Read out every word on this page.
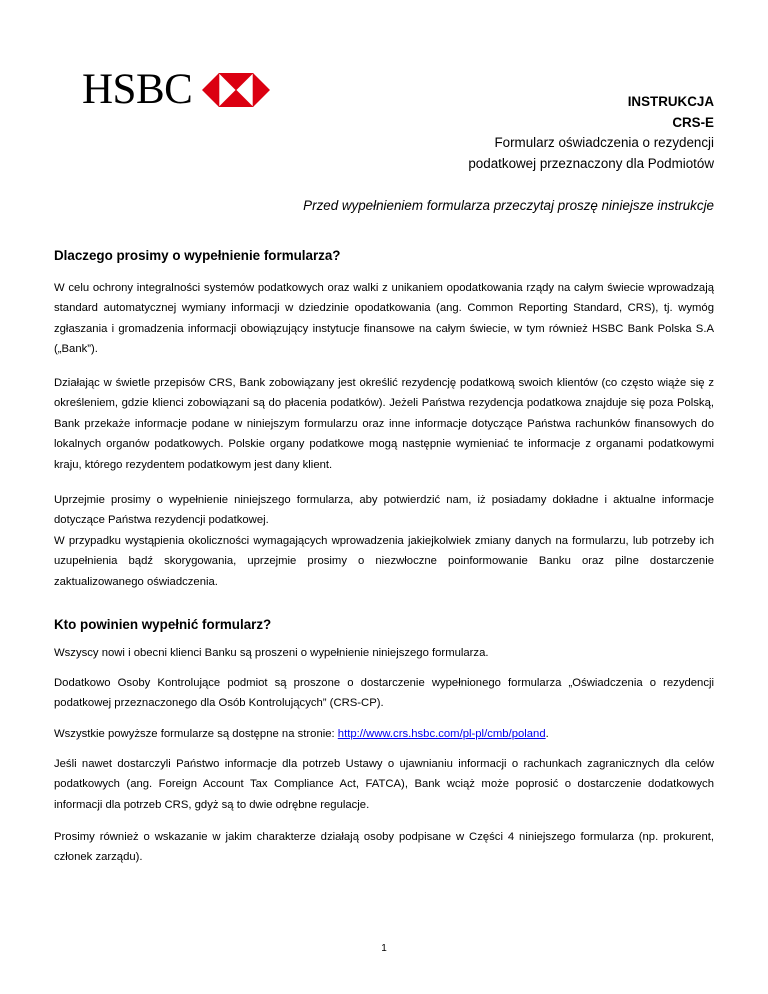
HSBC	INSTRUKCJA
CRS-E
Formularz oświadczenia o rezydencji
podatkowej przeznaczony dla Podmiotów
Przed wypełnieniem formularza przeczytaj proszę niniejsze instrukcje
Dlaczego prosimy o wypełnienie formularza?

W celu ochrony integralności systemów podatkowych oraz walki z unikaniem opodatkowania rządy na całym świecie wprowadzają standard automatycznej wymiany informacji w dziedzinie opodatkowania (ang. Common Reporting Standard, CRS), tj. wymóg zgłaszania i gromadzenia informacji obowiązujący instytucje finansowe na całym świecie, w tym również HSBC Bank Polska S.A („Bank”).

Działając w świetle przepisów CRS, Bank zobowiązany jest określić rezydencję podatkową swoich klientów (co często wiąże się z określeniem, gdzie klienci zobowiązani są do płacenia podatków). Jeżeli Państwa rezydencja podatkowa znajduje się poza Polską, Bank przekaże informacje podane w niniejszym formularzu oraz inne informacje dotyczące Państwa rachunków finansowych do lokalnych organów podatkowych. Polskie organy podatkowe mogą następnie wymieniać te informacje z organami podatkowymi kraju, którego rezydentem podatkowym jest dany klient.

Uprzejmie prosimy o wypełnienie niniejszego formularza, aby potwierdzić nam, iż posiadamy dokładne i aktualne informacje dotyczące Państwa rezydencji podatkowej.

W przypadku wystąpienia okoliczności wymagających wprowadzenia jakiejkolwiek zmiany danych na formularzu, lub potrzeby ich uzupełnienia bądź skorygowania, uprzejmie prosimy o niezwłoczne poinformowanie Banku oraz pilne dostarczenie zaktualizowanego oświadczenia.

Kto powinien wypełnić formularz?

Wszyscy nowi i obecni klienci Banku są proszeni o wypełnienie niniejszego formularza.

Dodatkowo Osoby Kontrolujące podmiot są proszone o dostarczenie wypełnionego formularza „Oświadczenia o rezydencji podatkowej przeznaczonego dla Osób Kontrolujących” (CRS-CP).

Wszystkie powyższe formularze są dostępne na stronie: http://www.crs.hsbc.com/pl-pl/cmb/poland.

Jeśli nawet dostarczyli Państwo informacje dla potrzeb Ustawy o ujawnianiu informacji o rachunkach zagranicznych dla celów podatkowych (ang. Foreign Account Tax Compliance Act, FATCA), Bank wciąż może poprosić o dostarczenie dodatkowych informacji dla potrzeb CRS, gdyż są to dwie odrębne regulacje.

Prosimy również o wskazanie w jakim charakterze działają osoby podpisane w Części 4 niniejszego formularza (np. prokurent, członek zarządu).

1
